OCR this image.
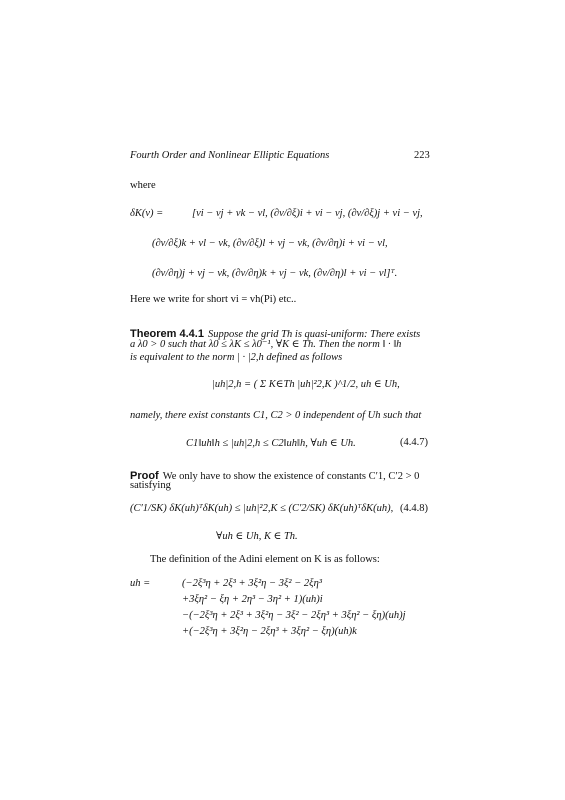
Fourth Order and Nonlinear Elliptic Equations	223
where
δK(v) =	[vi − vj + vk − vl, (∂v/∂ξ)i + vi − vj, (∂v/∂ξ)j + vi − vj,
(∂v/∂ξ)k + vl − vk, (∂v/∂ξ)l + vj − vk, (∂v/∂η)i + vi − vl,
(∂v/∂η)j + vj − vk, (∂v/∂η)k + vj − vk, (∂v/∂η)l + vi − vl]ᵀ.
Here we write for short vi = vh(Pi) etc..
Theorem 4.4.1 Suppose the grid Th is quasi-uniform: There exists
a λ0 > 0 such that λ0 ≤ λK ≤ λ0⁻¹, ∀K ∈ Th. Then the norm ‖ · ‖h
is equivalent to the norm | · |2,h defined as follows
|uh|2,h = ( Σ K∈Th |uh|²2,K )^1/2, uh ∈ Uh,
namely, there exist constants C1, C2 > 0 independent of Uh such that
C1‖uh‖h ≤ |uh|2,h ≤ C2‖uh‖h, ∀uh ∈ Uh.	(4.4.7)
Proof We only have to show the existence of constants C′1, C′2 > 0
satisfying
(C′1/SK) δK(uh)ᵀδK(uh) ≤ |uh|²2,K ≤ (C′2/SK) δK(uh)ᵀδK(uh), (4.4.8)
∀uh ∈ Uh, K ∈ Th.
The definition of the Adini element on K is as follows:
uh =	(−2ξ³η + 2ξ³ + 3ξ²η − 3ξ² − 2ξη³
+3ξη² − ξη + 2η³ − 3η² + 1)(uh)i
−(−2ξ³η + 2ξ³ + 3ξ²η − 3ξ² − 2ξη³ + 3ξη² − ξη)(uh)j
+(−2ξ³η + 3ξ²η − 2ξη³ + 3ξη² − ξη)(uh)k
